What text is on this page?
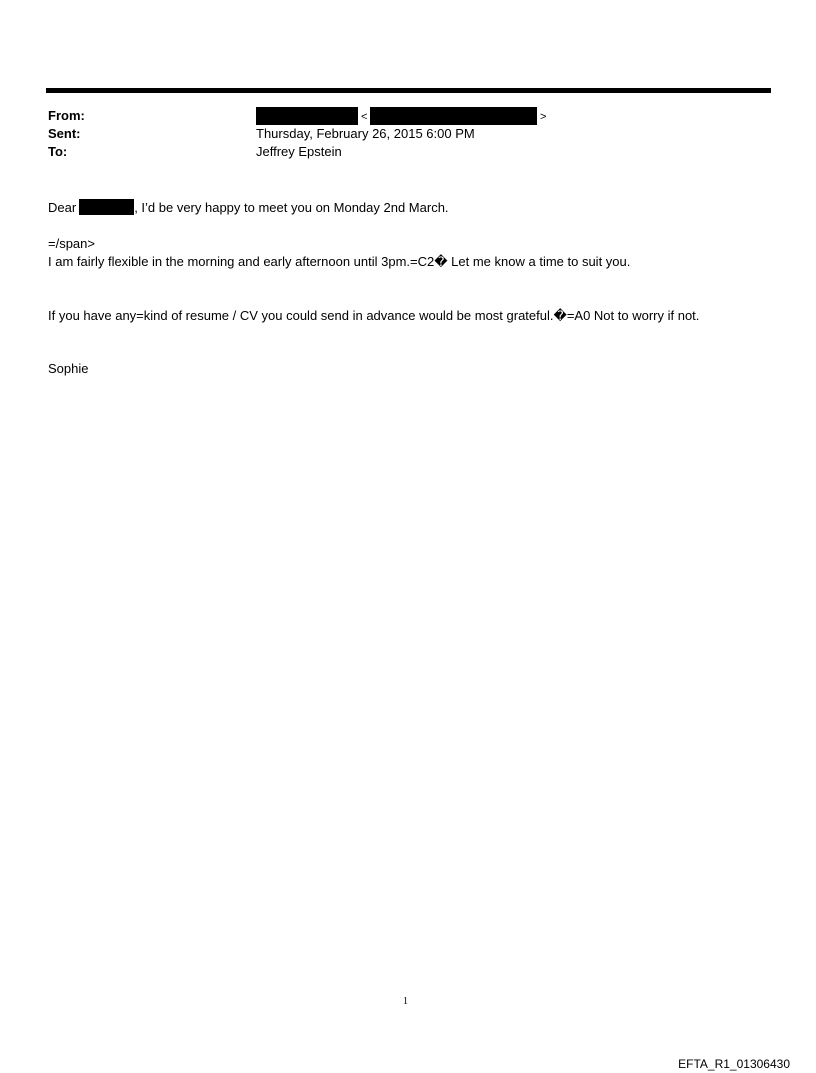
From:
Sent:
To:
<	>
Thursday, February 26, 2015 6:00 PM
Jeffrey Epstein
Dear	, I’d be very happy to meet you on Monday 2nd March.
=/span>
I am fairly flexible in the morning and early afternoon until 3pm.=C2� Let me know a time to suit you.
If you have any=kind of resume / CV you could send in advance would be most grateful.�=A0 Not to worry if not.
Sophie
1
EFTA_R1_01306430
